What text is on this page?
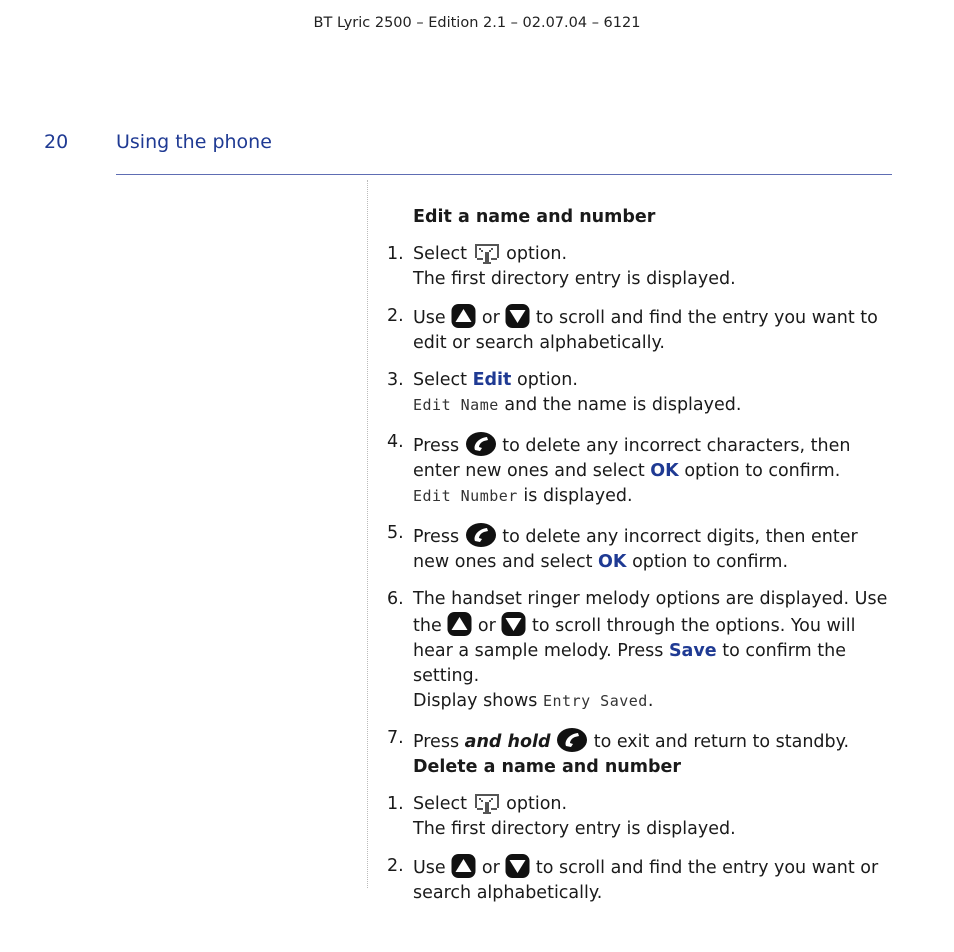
BT Lyric 2500 – Edition 2.1 – 02.07.04 – 6121
20	Using the phone

Edit a name and number

1. Select option.
The first directory entry is displayed.
2. Use or to scroll and find the entry you want to edit or search alphabetically.
3. Select Edit option.
Edit Name and the name is displayed.
4. Press to delete any incorrect characters, then enter new ones and select OK option to confirm.
Edit Number is displayed.
5. Press to delete any incorrect digits, then enter new ones and select OK option to confirm.
6. The handset ringer melody options are displayed. Use the or to scroll through the options. You will hear a sample melody. Press Save to confirm the setting.
Display shows Entry Saved.
7. Press and hold to exit and return to standby.

Delete a name and number

1. Select option.
The first directory entry is displayed.
2. Use or to scroll and find the entry you want or search alphabetically.
